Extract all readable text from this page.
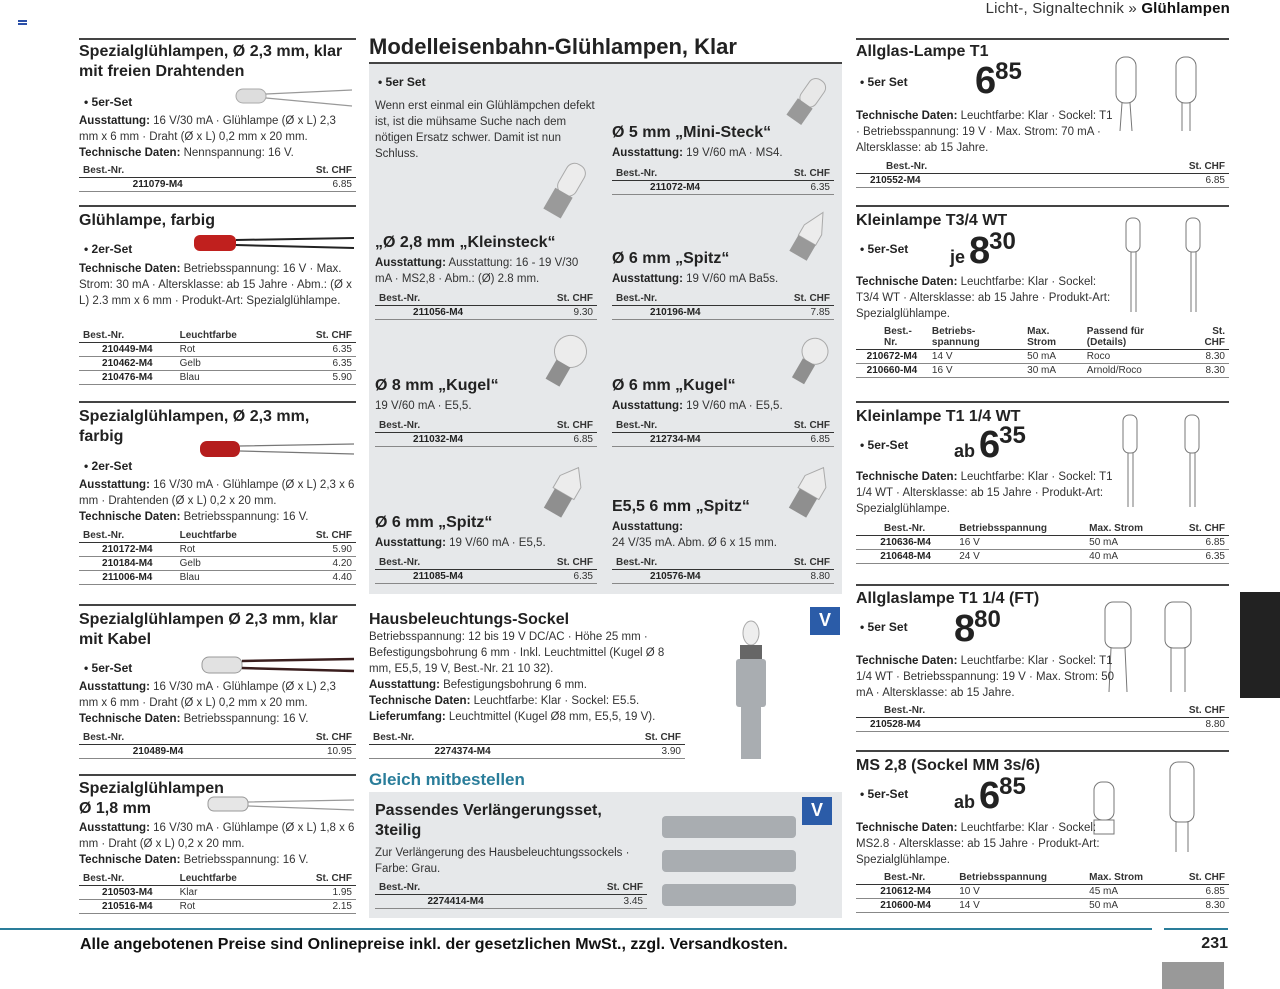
Licht-, Signaltechnik » Glühlampen
Spezialglühlampen, Ø 2,3 mm, klar mit freien Drahtenden
• 5er-Set
Ausstattung: 16 V/30 mA · Glühlampe (Ø x L) 2,3 mm x 6 mm · Draht (Ø x L) 0,2 mm x 20 mm.
Technische Daten: Nennspannung: 16 V.
Best.-Nr.	St. CHF
211079-M4	6.85
Glühlampe, farbig
• 2er-Set
Technische Daten: Betriebsspannung: 16 V · Max. Strom: 30 mA · Altersklasse: ab 15 Jahre · Abm.: (Ø x L) 2.3 mm x 6 mm · Produkt-Art: Spezialglühlampe.
Best.-Nr.	Leuchtfarbe	St. CHF
210449-M4	Rot	6.35
210462-M4	Gelb	6.35
210476-M4	Blau	5.90
Spezialglühlampen, Ø 2,3 mm, farbig
• 2er-Set
Ausstattung: 16 V/30 mA · Glühlampe (Ø x L) 2,3 x 6 mm · Drahtenden (Ø x L) 0,2 x 20 mm.
Technische Daten: Betriebsspannung: 16 V.
Best.-Nr.	Leuchtfarbe	St. CHF
210172-M4	Rot	5.90
210184-M4	Gelb	4.20
211006-M4	Blau	4.40
Spezialglühlampen Ø 2,3 mm, klar mit Kabel
• 5er-Set
Ausstattung: 16 V/30 mA · Glühlampe (Ø x L) 2,3 mm x 6 mm · Draht (Ø x L) 0,2 mm x 20 mm.
Technische Daten: Betriebsspannung: 16 V.
Best.-Nr.	St. CHF
210489-M4	10.95
Spezialglühlampen Ø 1,8 mm
Ausstattung: 16 V/30 mA · Glühlampe (Ø x L) 1,8 x 6 mm · Draht (Ø x L) 0,2 x 20 mm.
Technische Daten: Betriebsspannung: 16 V.
Best.-Nr.	Leuchtfarbe	St. CHF
210503-M4	Klar	1.95
210516-M4	Rot	2.15
Modelleisenbahn-Glühlampen, Klar
• 5er Set
Wenn erst einmal ein Glühlämpchen defekt ist, ist die mühsame Suche nach dem nötigen Ersatz schwer. Damit ist nun Schluss.
Ø 5 mm „Mini-Steck“
Ausstattung: 19 V/60 mA · MS4.
Best.-Nr.	St. CHF
211072-M4	6.35
„Ø 2,8 mm „Kleinsteck“
Ausstattung: Ausstattung: 16 - 19 V/30 mA · MS2,8 · Abm.: (Ø) 2.8 mm.
Best.-Nr.	St. CHF
211056-M4	9.30
Ø 6 mm „Spitz“
Ausstattung: 19 V/60 mA Ba5s.
Best.-Nr.	St. CHF
210196-M4	7.85
Ø 8 mm „Kugel“
19 V/60 mA · E5,5.
Best.-Nr.	St. CHF
211032-M4	6.85
Ø 6 mm „Kugel“
Ausstattung: 19 V/60 mA · E5,5.
Best.-Nr.	St. CHF
212734-M4	6.85
Ø 6 mm „Spitz“
Ausstattung: 19 V/60 mA · E5,5.
Best.-Nr.	St. CHF
211085-M4	6.35
E5,5 6 mm „Spitz“
Ausstattung:
24 V/35 mA. Abm. Ø 6 x 15 mm.
Best.-Nr.	St. CHF
210576-M4	8.80
Hausbeleuchtungs-Sockel	V
Betriebsspannung: 12 bis 19 V DC/AC · Höhe 25 mm · Befestigungsbohrung 6 mm · Inkl. Leuchtmittel (Kugel Ø 8 mm, E5,5, 19 V, Best.-Nr. 21 10 32).
Ausstattung: Befestigungsbohrung 6 mm.
Technische Daten: Leuchtfarbe: Klar · Sockel: E5.5.
Lieferumfang: Leuchtmittel (Kugel Ø8 mm, E5,5, 19 V).
Best.-Nr.	St. CHF
2274374-M4	3.90
Gleich mitbestellen
Passendes Verlängerungsset, 3teilig
V
Zur Verlängerung des Hausbeleuchtungssockels · Farbe: Grau.
Best.-Nr.	St. CHF
2274414-M4	3.45
Allglas-Lampe T1
• 5er Set 685
Technische Daten: Leuchtfarbe: Klar · Sockel: T1 · Betriebsspannung: 19 V · Max. Strom: 70 mA · Altersklasse: ab 15 Jahre.
Best.-Nr.	St. CHF
210552-M4	6.85
Kleinlampe T3/4 WT
• 5er-Set je 830
Technische Daten: Leuchtfarbe: Klar · Sockel: T3/4 WT · Altersklasse: ab 15 Jahre · Produkt-Art: Spezialglühlampe.
Best.-Nr.	Betriebs-spannung	Max. Strom	Passend für (Details)	St. CHF
210672-M4	14 V	50 mA	Roco	8.30
210660-M4	16 V	30 mA	Arnold/Roco	8.30
Kleinlampe T1 1/4 WT
• 5er-Set	ab 635
Technische Daten: Leuchtfarbe: Klar · Sockel: T1 1/4 WT · Altersklasse: ab 15 Jahre · Produkt-Art: Spezialglühlampe.
Best.-Nr.	Betriebsspannung	Max. Strom	St. CHF
210636-M4	16 V	50 mA	6.85
210648-M4	24 V	40 mA	6.35
Allglaslampe T1 1/4 (FT)
• 5er Set 880
Technische Daten: Leuchtfarbe: Klar · Sockel: T1 1/4 WT · Betriebsspannung: 19 V · Max. Strom: 50 mA · Altersklasse: ab 15 Jahre.
Best.-Nr.	St. CHF
210528-M4	8.80
MS 2,8 (Sockel MM 3s/6)
• 5er-Set	ab 685
Technische Daten: Leuchtfarbe: Klar · Sockel: MS2.8 · Altersklasse: ab 15 Jahre · Produkt-Art: Spezialglühlampe.
Best.-Nr.	Betriebsspannung	Max. Strom	St. CHF
210612-M4	10 V	45 mA	6.85
210600-M4	14 V	50 mA	8.30
Alle angebotenen Preise sind Onlinepreise inkl. der gesetzlichen MwSt., zzgl. Versandkosten.	231
